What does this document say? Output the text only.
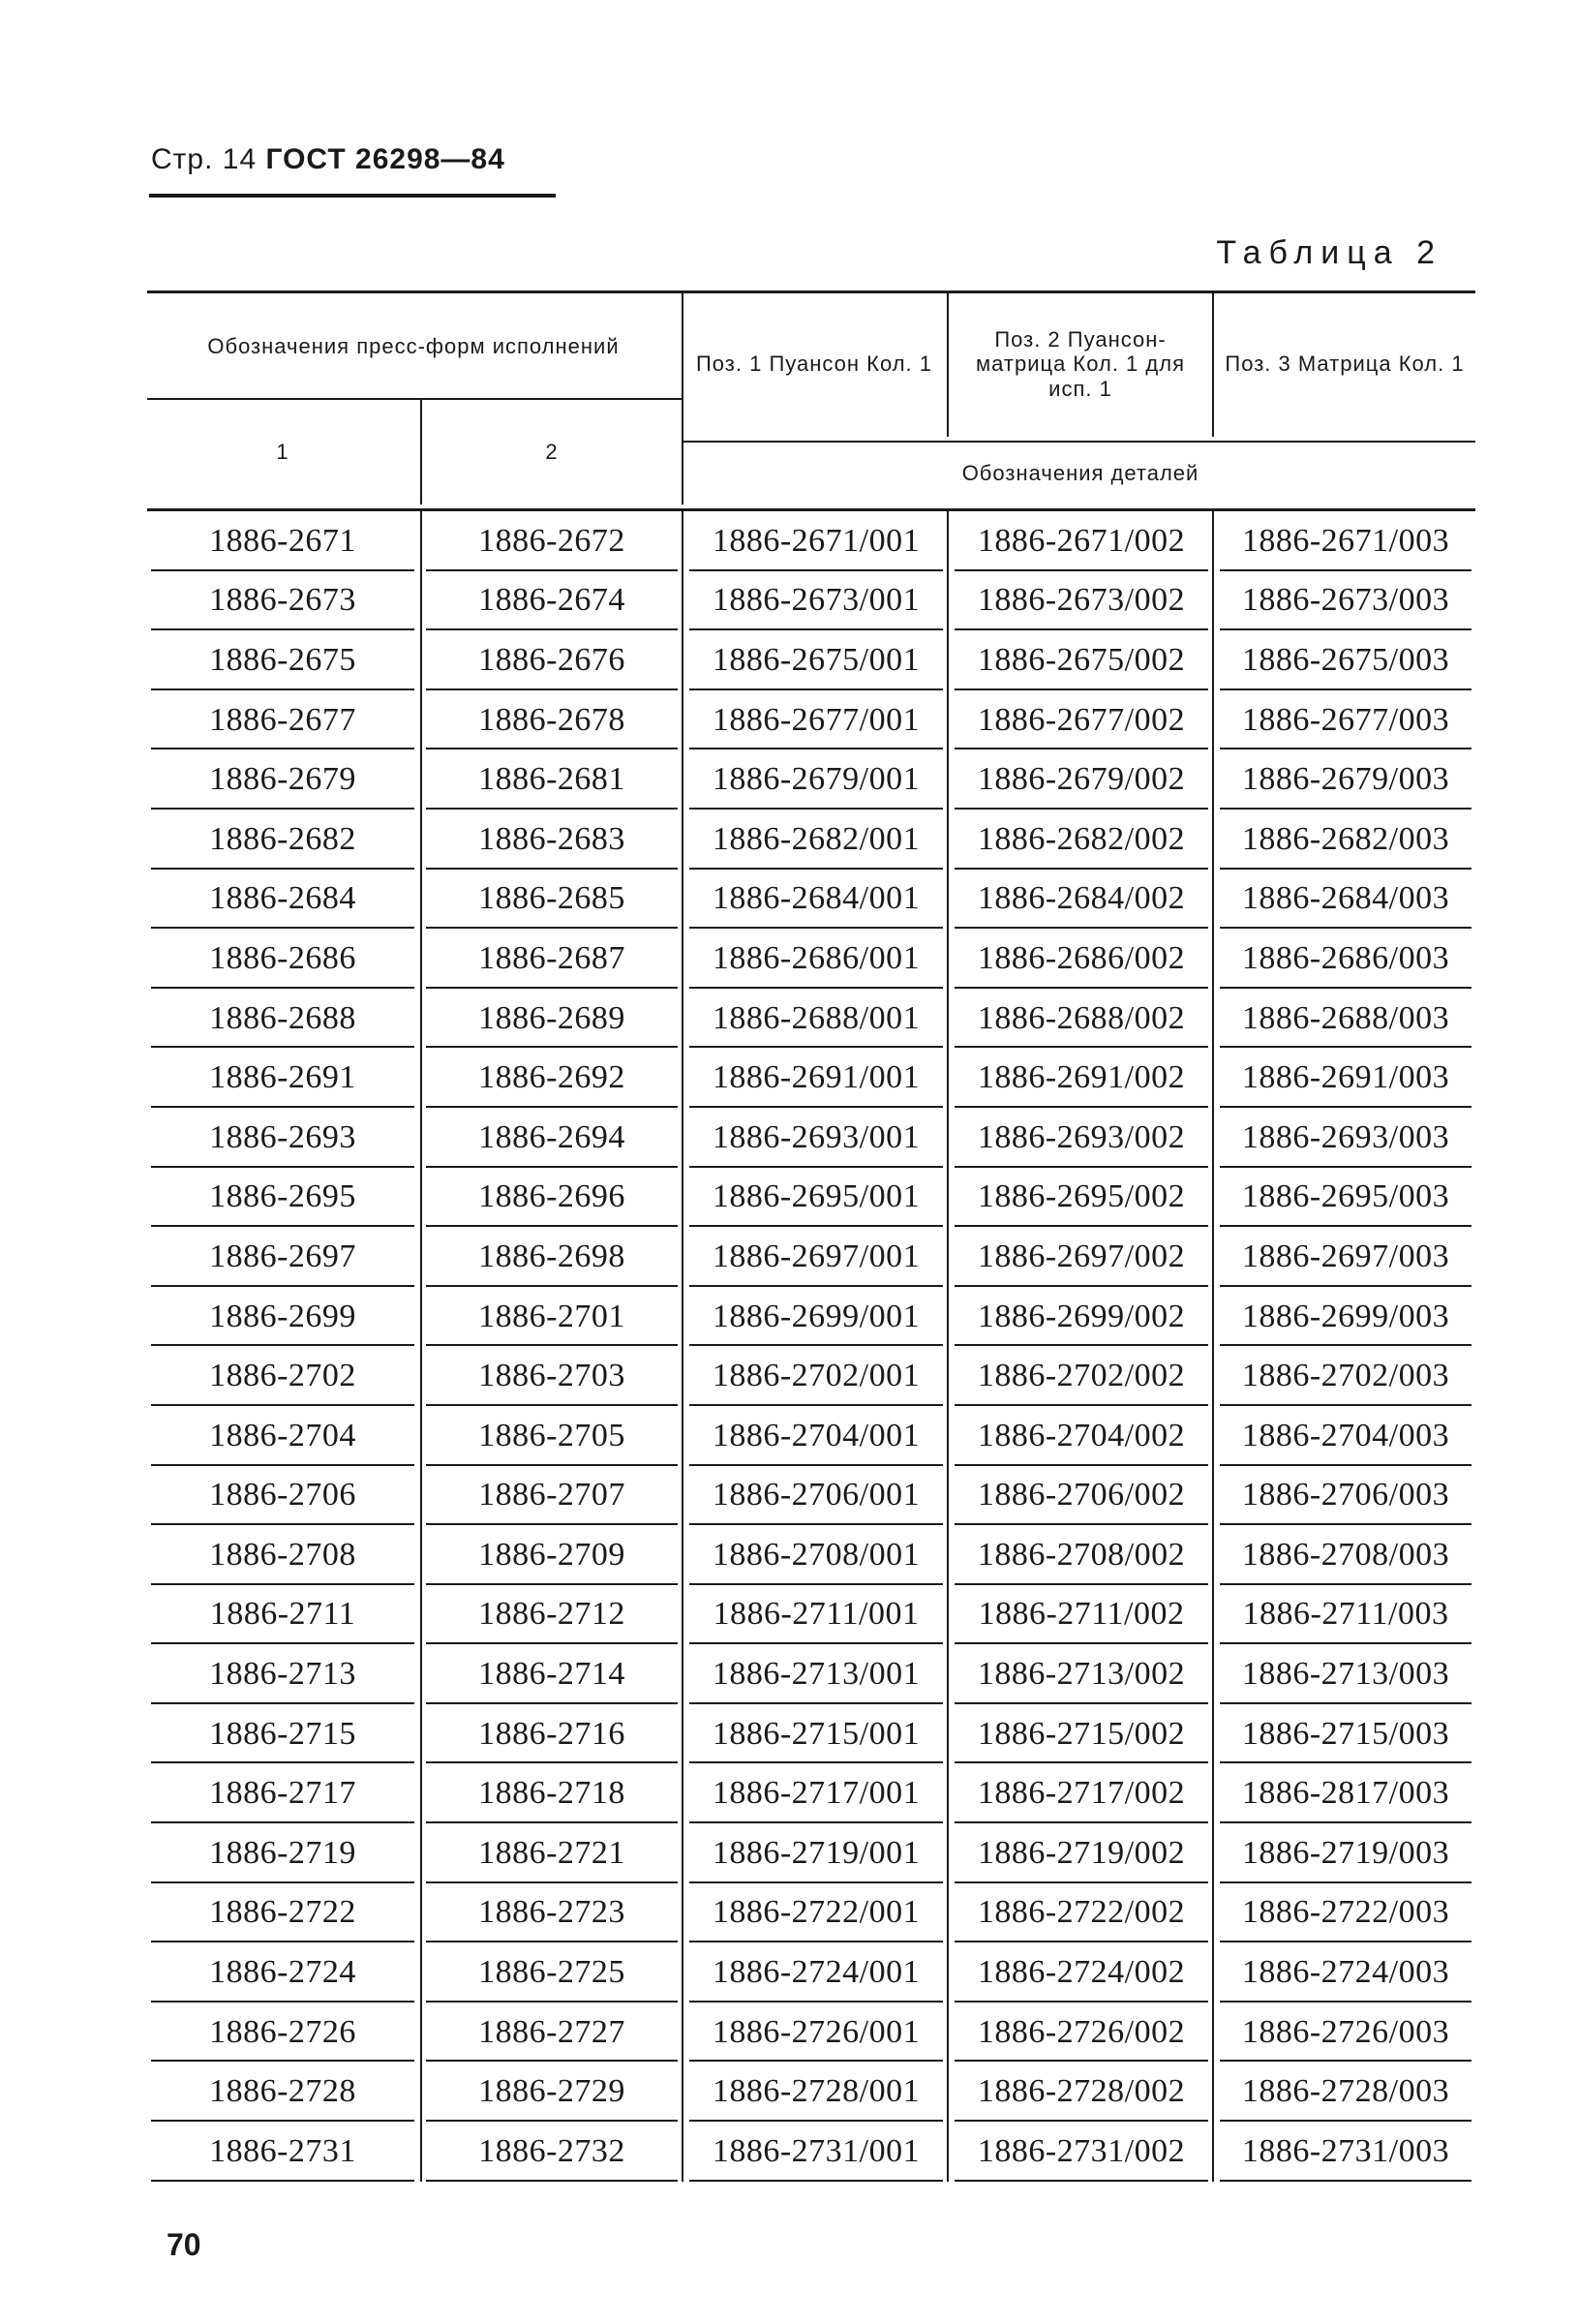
Стр. 14 ГОСТ 26298—84
Таблица 2
Обозначения пресс-форм исполнений
1	2
Поз. 1 Пуансон Кол. 1
Поз. 2 Пуансон-матрица Кол. 1 для исп. 1
Поз. 3 Матрица Кол. 1
Обозначения деталей
1886-2671	1886-2672	1886-2671/001	1886-2671/002	1886-2671/003
1886-2673	1886-2674	1886-2673/001	1886-2673/002	1886-2673/003
1886-2675	1886-2676	1886-2675/001	1886-2675/002	1886-2675/003
1886-2677	1886-2678	1886-2677/001	1886-2677/002	1886-2677/003
1886-2679	1886-2681	1886-2679/001	1886-2679/002	1886-2679/003
1886-2682	1886-2683	1886-2682/001	1886-2682/002	1886-2682/003
1886-2684	1886-2685	1886-2684/001	1886-2684/002	1886-2684/003
1886-2686	1886-2687	1886-2686/001	1886-2686/002	1886-2686/003
1886-2688	1886-2689	1886-2688/001	1886-2688/002	1886-2688/003
1886-2691	1886-2692	1886-2691/001	1886-2691/002	1886-2691/003
1886-2693	1886-2694	1886-2693/001	1886-2693/002	1886-2693/003
1886-2695	1886-2696	1886-2695/001	1886-2695/002	1886-2695/003
1886-2697	1886-2698	1886-2697/001	1886-2697/002	1886-2697/003
1886-2699	1886-2701	1886-2699/001	1886-2699/002	1886-2699/003
1886-2702	1886-2703	1886-2702/001	1886-2702/002	1886-2702/003
1886-2704	1886-2705	1886-2704/001	1886-2704/002	1886-2704/003
1886-2706	1886-2707	1886-2706/001	1886-2706/002	1886-2706/003
1886-2708	1886-2709	1886-2708/001	1886-2708/002	1886-2708/003
1886-2711	1886-2712	1886-2711/001	1886-2711/002	1886-2711/003
1886-2713	1886-2714	1886-2713/001	1886-2713/002	1886-2713/003
1886-2715	1886-2716	1886-2715/001	1886-2715/002	1886-2715/003
1886-2717	1886-2718	1886-2717/001	1886-2717/002	1886-2817/003
1886-2719	1886-2721	1886-2719/001	1886-2719/002	1886-2719/003
1886-2722	1886-2723	1886-2722/001	1886-2722/002	1886-2722/003
1886-2724	1886-2725	1886-2724/001	1886-2724/002	1886-2724/003
1886-2726	1886-2727	1886-2726/001	1886-2726/002	1886-2726/003
1886-2728	1886-2729	1886-2728/001	1886-2728/002	1886-2728/003
1886-2731	1886-2732	1886-2731/001	1886-2731/002	1886-2731/003
70
